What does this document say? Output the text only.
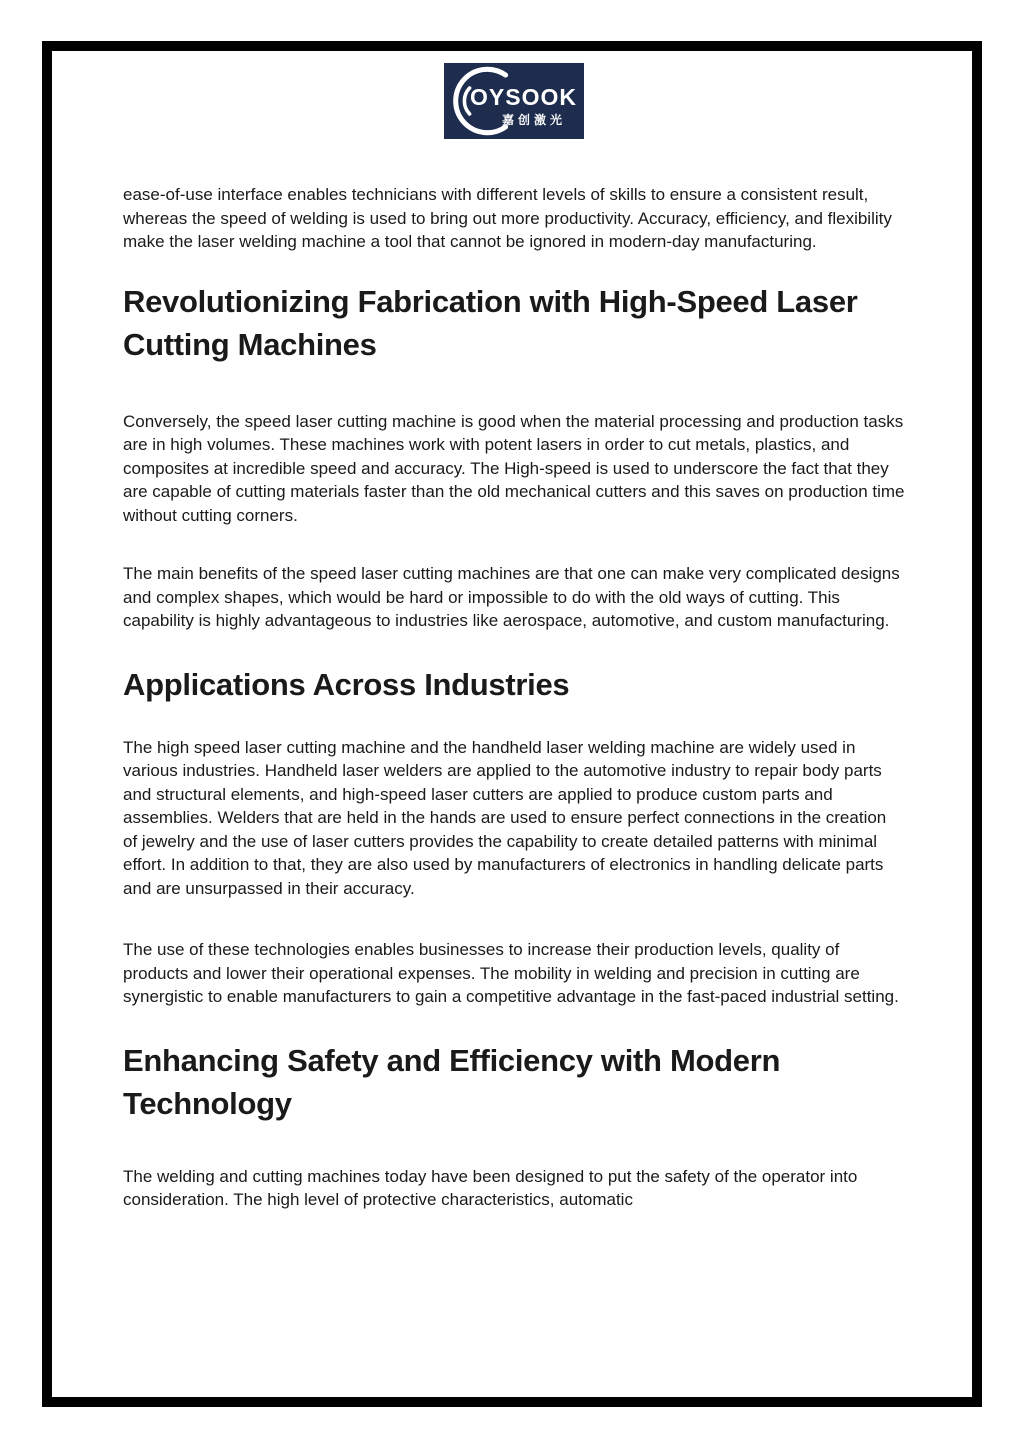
OYSOOK
嘉创激光

ease-of-use interface enables technicians with different levels of skills to ensure a consistent result, whereas the speed of welding is used to bring out more productivity. Accuracy, efficiency, and flexibility make the laser welding machine a tool that cannot be ignored in modern-day manufacturing.

Revolutionizing Fabrication with High-Speed Laser Cutting Machines

Conversely, the speed laser cutting machine is good when the material processing and production tasks are in high volumes. These machines work with potent lasers in order to cut metals, plastics, and composites at incredible speed and accuracy. The High-speed is used to underscore the fact that they are capable of cutting materials faster than the old mechanical cutters and this saves on production time without cutting corners.

The main benefits of the speed laser cutting machines are that one can make very complicated designs and complex shapes, which would be hard or impossible to do with the old ways of cutting. This capability is highly advantageous to industries like aerospace, automotive, and custom manufacturing.

Applications Across Industries

The high speed laser cutting machine and the handheld laser welding machine are widely used in various industries. Handheld laser welders are applied to the automotive industry to repair body parts and structural elements, and high-speed laser cutters are applied to produce custom parts and assemblies. Welders that are held in the hands are used to ensure perfect connections in the creation of jewelry and the use of laser cutters provides the capability to create detailed patterns with minimal effort. In addition to that, they are also used by manufacturers of electronics in handling delicate parts and are unsurpassed in their accuracy.

The use of these technologies enables businesses to increase their production levels, quality of products and lower their operational expenses. The mobility in welding and precision in cutting are synergistic to enable manufacturers to gain a competitive advantage in the fast-paced industrial setting.

Enhancing Safety and Efficiency with Modern Technology

The welding and cutting machines today have been designed to put the safety of the operator into consideration. The high level of protective characteristics, automatic
